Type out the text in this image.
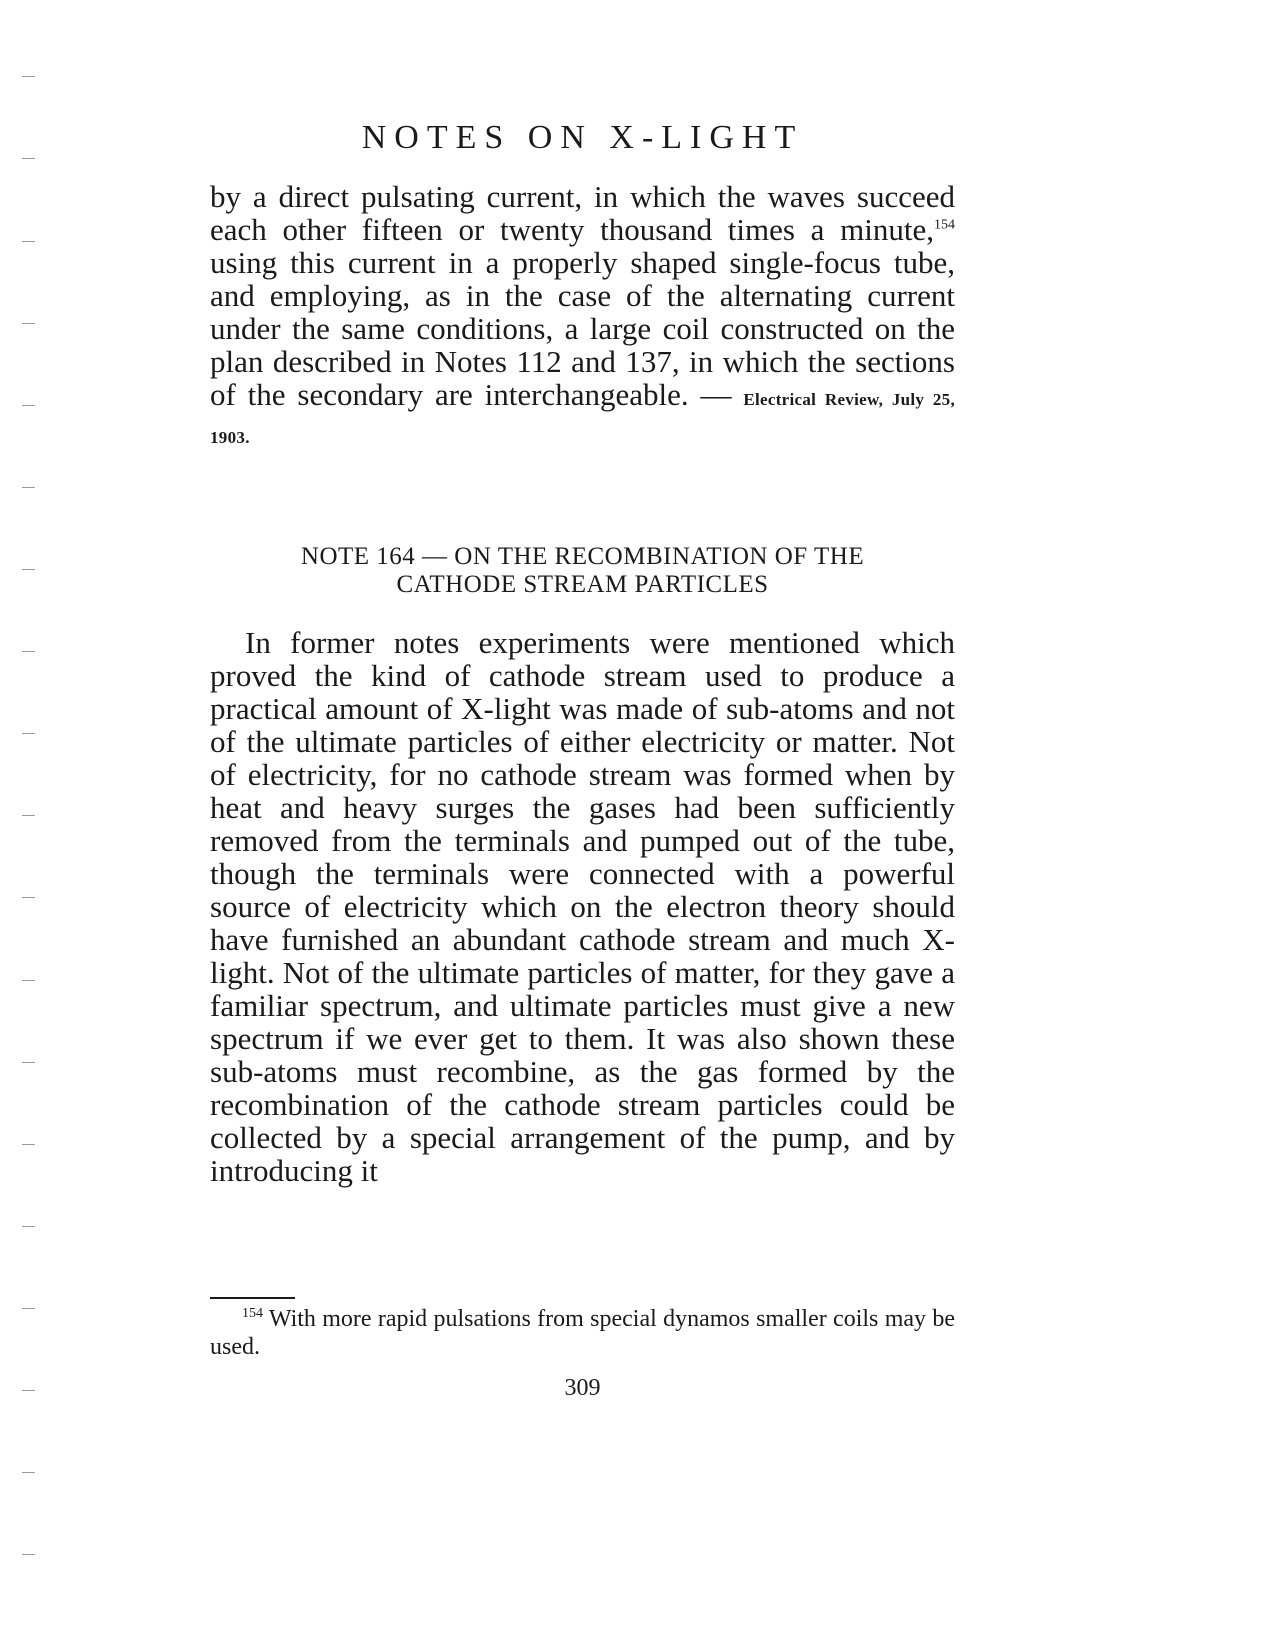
NOTES ON X-LIGHT

by a direct pulsating current, in which the waves succeed each other fifteen or twenty thousand times a minute,$^{154}$ using this current in a properly shaped single-focus tube, and employing, as in the case of the alternating current under the same conditions, a large coil constructed on the plan described in Notes 112 and 137, in which the sections of the secondary are interchangeable. — Electrical Review, July 25, 1903.

NOTE 164 — ON THE RECOMBINATION OF THE
CATHODE STREAM PARTICLES

In former notes experiments were mentioned which proved the kind of cathode stream used to produce a practical amount of X-light was made of sub-atoms and not of the ultimate particles of either electricity or matter. Not of electricity, for no cathode stream was formed when by heat and heavy surges the gases had been sufficiently removed from the terminals and pumped out of the tube, though the terminals were connected with a powerful source of electricity which on the electron theory should have furnished an abundant cathode stream and much X-light. Not of the ultimate particles of matter, for they gave a familiar spectrum, and ultimate particles must give a new spectrum if we ever get to them. It was also shown these sub-atoms must recombine, as the gas formed by the recombination of the cathode stream particles could be collected by a special arrangement of the pump, and by introducing it

$^{154}$ With more rapid pulsations from special dynamos smaller coils may be used.

309
